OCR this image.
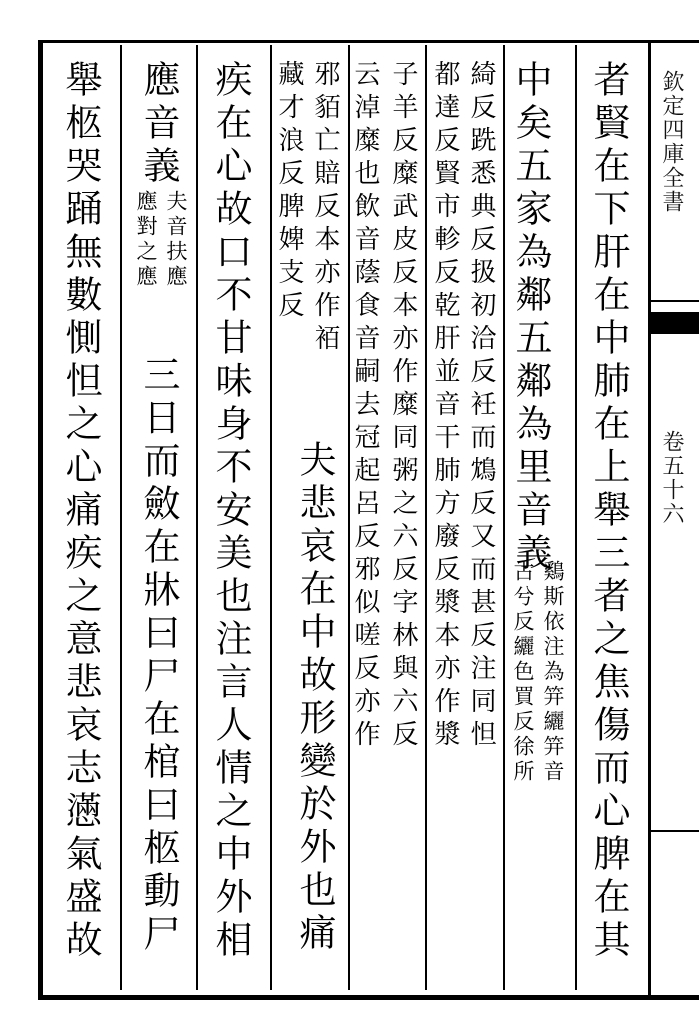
欽定四庫全書
卷五十六
者賢在下肝在中肺在上舉三者之焦傷而心脾在其
中矣五家為鄰五鄰為里音義
鷄斯依注為笄纚笄音
古兮反纚色買反徐所
綺反跣悉典反扱初洽反衽而鴆反又而甚反注同怛
都達反賢市軫反乾肝並音干肺方廢反漿本亦作漿
子羊反糜武皮反本亦作糜同粥之六反字林與六反
云淖糜也飲音蔭食音嗣去冠起呂反邪似嗟反亦作
邪貊亡賠反本亦作袹
夫悲哀在中故形變於外也痛
藏才浪反脾婢支反
疾在心故口不甘味身不安美也注言人情之中外相
應音義
夫音扶應
應對之應
三日而斂在牀曰尸在棺曰柩動尸
舉柩哭踊無數惻怛之心痛疾之意悲哀志懣氣盛故
